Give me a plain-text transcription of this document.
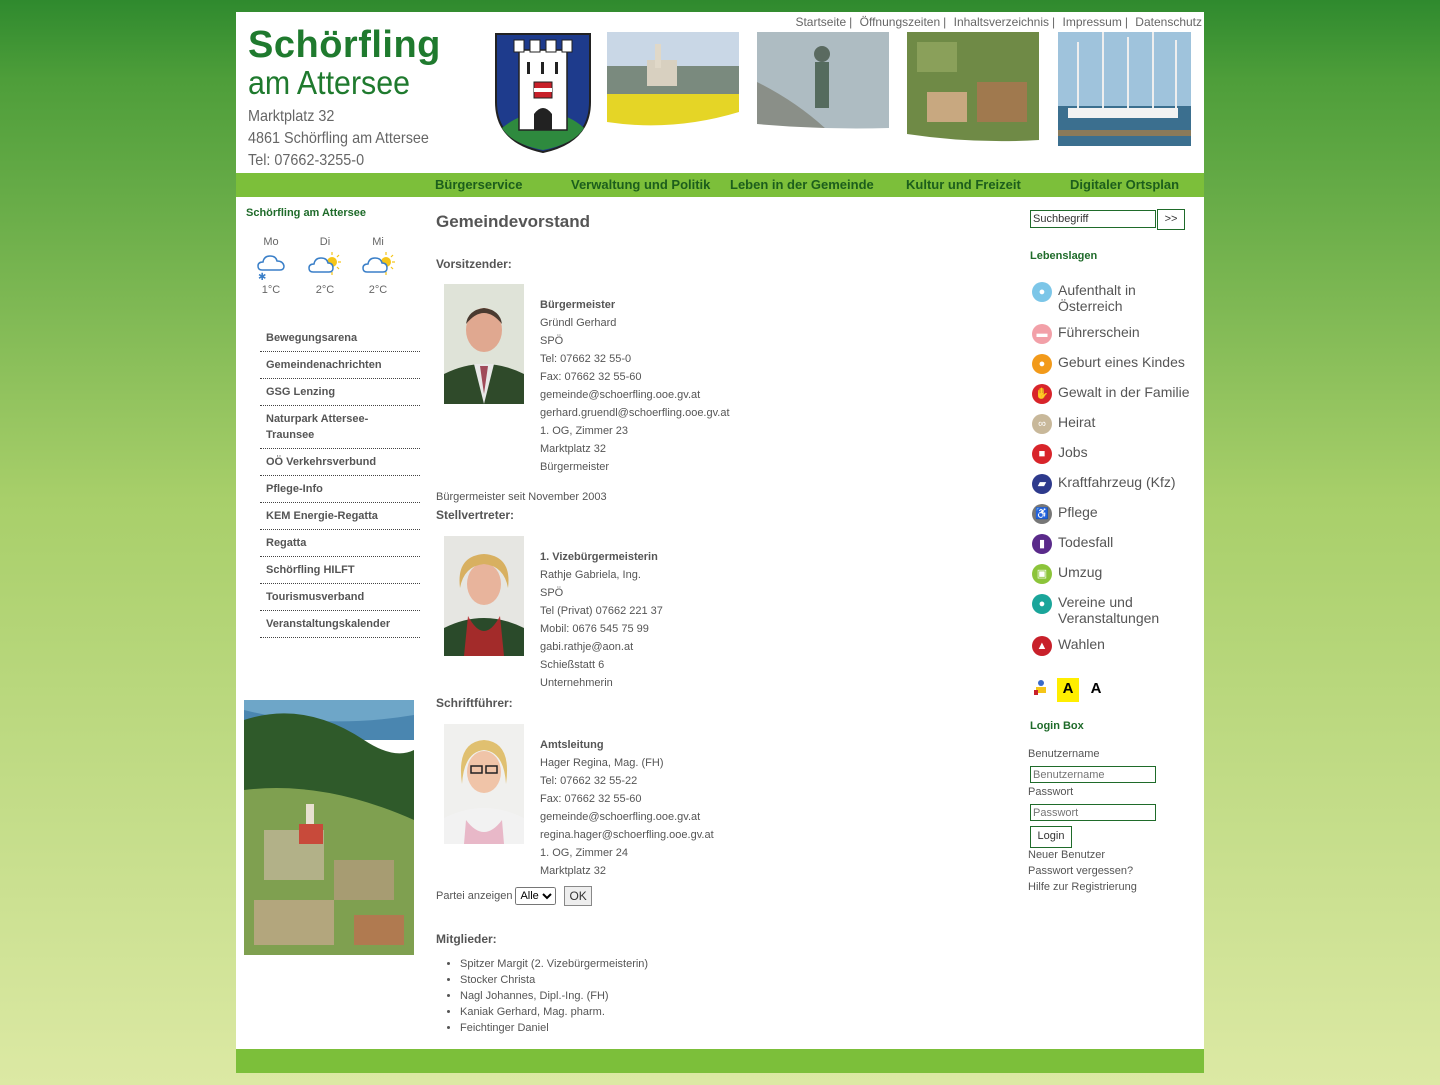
Schörfling
am Attersee
Marktplatz 32
4861 Schörfling am Attersee
Tel: 07662-3255-0
Startseite | Öffnungszeiten | Inhaltsverzeichnis | Impressum | Datenschutz
Bürgerservice	Verwaltung und Politik Leben in der Gemeinde Kultur und Freizeit	Digitaler Ortsplan
Schörfling am Attersee
Mo	Di	Mi
✱
1°C	2°C	2°C
Bewegungsarena
Gemeindenachrichten
GSG Lenzing
Naturpark Attersee-Traunsee
OÖ Verkehrsverbund
Pflege-Info
KEM Energie-Regatta
Regatta
Schörfling HILFT
Tourismusverband
Veranstaltungskalender
Gemeindevorstand
Vorsitzender:
Bürgermeister
Gründl Gerhard
SPÖ
Tel: 07662 32 55-0
Fax: 07662 32 55-60
gemeinde@schoerfling.ooe.gv.at
gerhard.gruendl@schoerfling.ooe.gv.at
1. OG, Zimmer 23
Marktplatz 32
Bürgermeister
Bürgermeister seit November 2003
Stellvertreter:
1. Vizebürgermeisterin
Rathje Gabriela, Ing.
SPÖ
Tel (Privat) 07662 221 37
Mobil: 0676 545 75 99
gabi.rathje@aon.at
Schießstatt 6
Unternehmerin
Schriftführer:
Amtsleitung
Hager Regina, Mag. (FH)
Tel: 07662 32 55-22
Fax: 07662 32 55-60
gemeinde@schoerfling.ooe.gv.at
regina.hager@schoerfling.ooe.gv.at
1. OG, Zimmer 24
Marktplatz 32
Partei anzeigen
Alle	OK
Mitglieder:
• Spitzer Margit (2. Vizebürgermeisterin)
• Stocker Christa
• Nagl Johannes, Dipl.-Ing. (FH)
• Kaniak Gerhard, Mag. pharm.
• Feichtinger Daniel
Suchbegriff
>>
Lebenslagen
● Aufenthalt in Österreich
▬ Führerschein
● Geburt eines Kindes
✋ Gewalt in der Familie
∞ Heirat
■ Jobs
▰ Kraftfahrzeug (Kfz)
♿ Pflege
▮ Todesfall
▣ Umzug
● Vereine und Veranstaltungen
▲ Wahlen
A	A
Login Box
Benutzername
Benutzername
Passwort
Login
Neuer Benutzer
Passwort vergessen?
Hilfe zur Registrierung
